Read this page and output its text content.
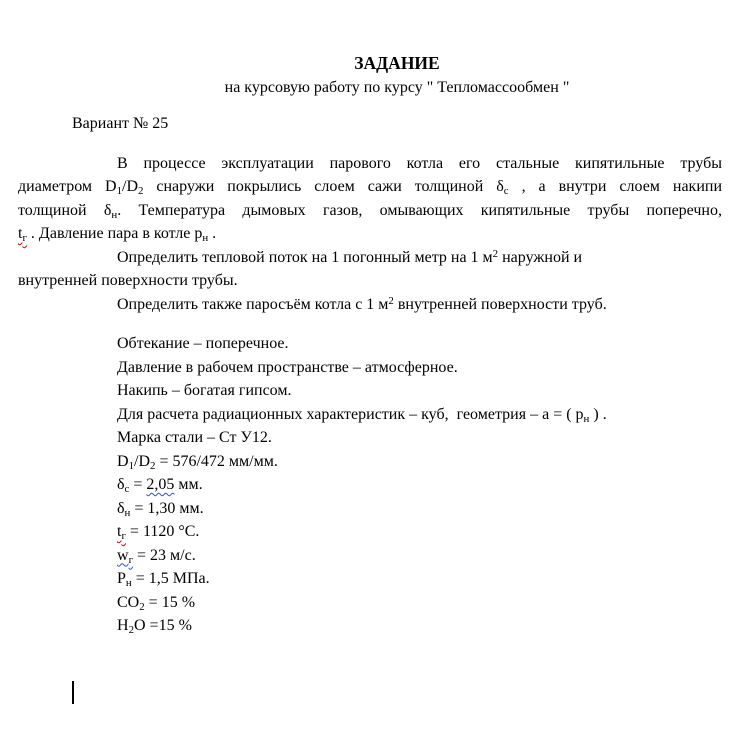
ЗАДАНИЕ
на курсовую работу по курсу " Тепломассообмен "
Вариант № 25
В процессе эксплуатации парового котла его стальные кипятильные трубы
диаметром D1/D2 снаружи покрылись слоем сажи толщиной δс , а внутри слоем накипи
толщиной δн. Температура дымовых газов, омывающих кипятильные трубы поперечно,
tг . Давление пара в котле pн .
Определить тепловой поток на 1 погонный метр на 1 $м^2$ наружной и
внутренней поверхности трубы.
Определить также паросъём котла с 1 $м^2$ внутренней поверхности труб.
Обтекание – поперечное.
Давление в рабочем пространстве – атмосферное.
Накипь – богатая гипсом.
Для расчета радиационных характеристик – куб,  геометрия – а = ( pн ) .
Марка стали – Ст У12.
D1/D2 = 576/472 мм/мм.
δс = 2,05 мм.
δн = 1,30 мм.
tг = 1120 °С.
wг = 23 м/с.
Pн = 1,5 МПа.
CO2 = 15 %
H2O =15 %
